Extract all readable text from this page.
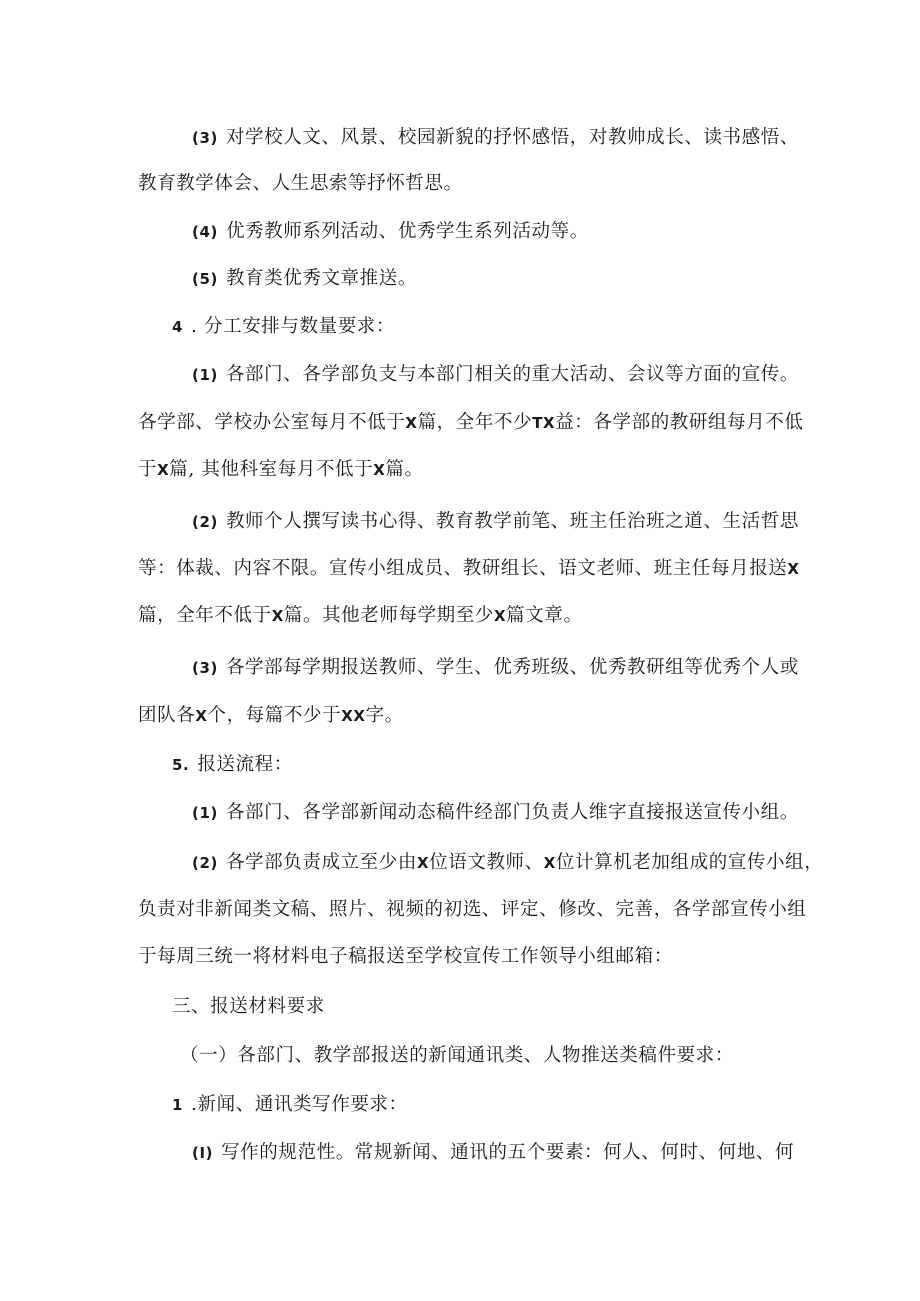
(3) 对学校人文、风景、校园新貌的抒怀感悟，对教帅成长、读书感悟、
教育教学体会、人生思索等抒怀哲思。
(4) 优秀教师系列活动、优秀学生系列活动等。
(5) 教育类优秀文章推送。
4 . 分工安排与数量要求：
(1) 各部门、各学部负支与本部门相关的重大活动、会议等方面的宣传。
各学部、学校办公室每月不低于X篇，全年不少TX益：各学部的教研组每月不低
于X篇, 其他科室每月不低于X篇。
(2) 教师个人撰写读书心得、教育教学前笔、班主任治班之道、生活哲思
等：体裁、内容不限。宣传小组成员、教研组长、语文老师、班主任每月报送X
篇，全年不低于X篇。其他老师每学期至少X篇文章。
(3) 各学部每学期报送教师、学生、优秀班级、优秀教研组等优秀个人或
团队各X个，每篇不少于XX字。
5. 报送流程：
(1) 各部门、各学部新闻动态稿件经部门负责人维字直接报送宣传小组。
(2) 各学部负责成立至少由X位语文教师、X位计算机老加组成的宣传小组，
负责对非新闻类文稿、照片、视频的初选、评定、修改、完善，各学部宣传小组
于每周三统一将材料电子稿报送至学校宣传工作领导小组邮箱：
三、报送材料要求
（一）各部门、教学部报送的新闻通讯类、人物推送类稿件要求：
1 .新闻、通讯类写作要求：
(I) 写作的规范性。常规新闻、通讯的五个要素：何人、何时、何地、何
